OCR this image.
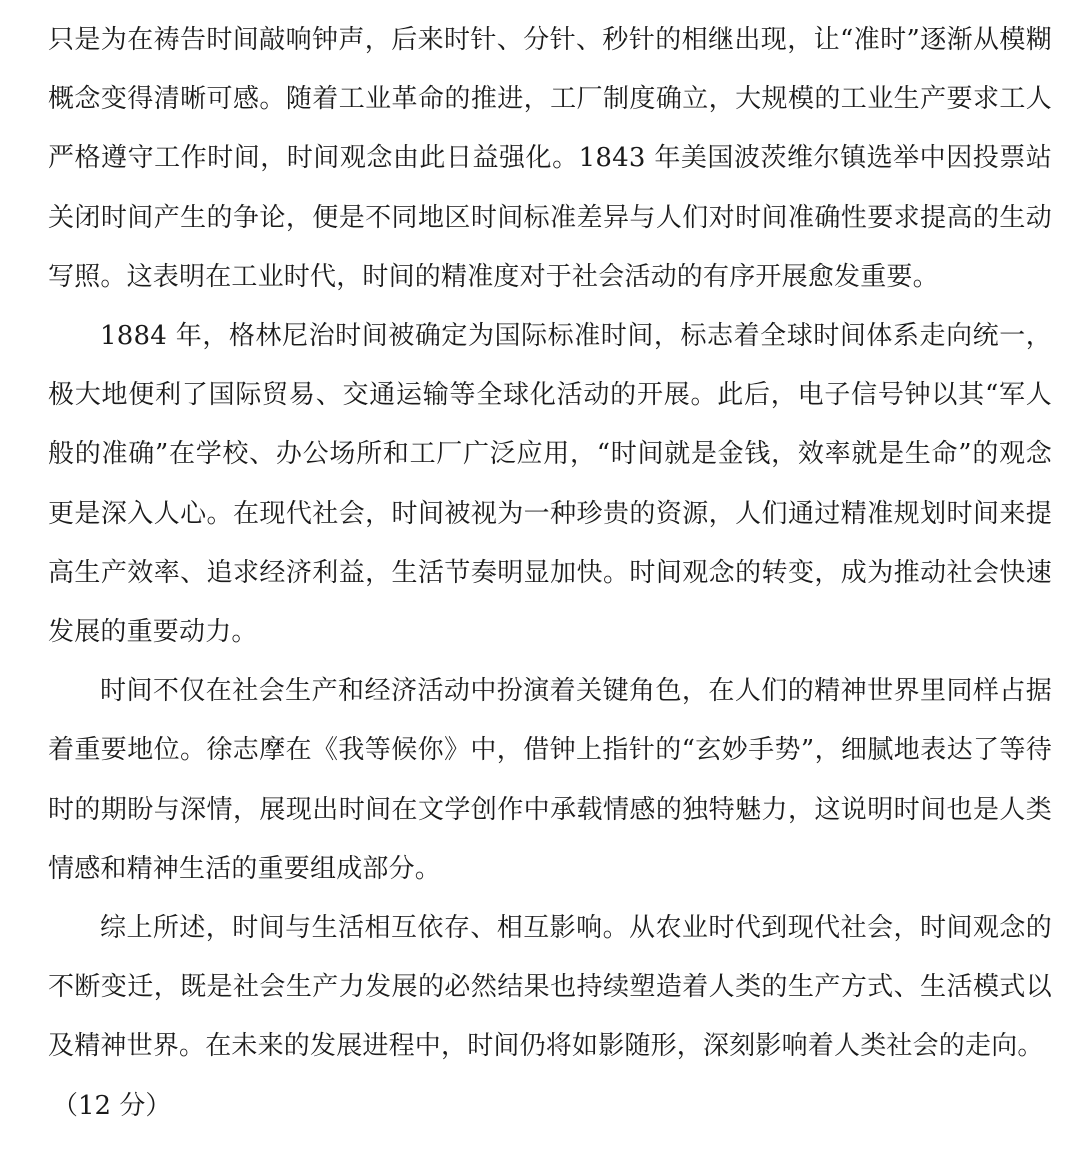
只是为在祷告时间敲响钟声，后来时针、分针、秒针的相继出现，让“准时”逐渐从模糊概念变得清晰可感。随着工业革命的推进，工厂制度确立，大规模的工业生产要求工人严格遵守工作时间，时间观念由此日益强化。1843 年美国波茨维尔镇选举中因投票站关闭时间产生的争论，便是不同地区时间标准差异与人们对时间准确性要求提高的生动写照。这表明在工业时代，时间的精准度对于社会活动的有序开展愈发重要。

1884 年，格林尼治时间被确定为国际标准时间，标志着全球时间体系走向统一，极大地便利了国际贸易、交通运输等全球化活动的开展。此后，电子信号钟以其“军人般的准确”在学校、办公场所和工厂广泛应用，“时间就是金钱，效率就是生命”的观念更是深入人心。在现代社会，时间被视为一种珍贵的资源，人们通过精准规划时间来提高生产效率、追求经济利益，生活节奏明显加快。时间观念的转变，成为推动社会快速发展的重要动力。

时间不仅在社会生产和经济活动中扮演着关键角色，在人们的精神世界里同样占据着重要地位。徐志摩在《我等候你》中，借钟上指针的“玄妙手势”，细腻地表达了等待时的期盼与深情，展现出时间在文学创作中承载情感的独特魅力，这说明时间也是人类情感和精神生活的重要组成部分。

综上所述，时间与生活相互依存、相互影响。从农业时代到现代社会，时间观念的不断变迁，既是社会生产力发展的必然结果也持续塑造着人类的生产方式、生活模式以及精神世界。在未来的发展进程中，时间仍将如影随形，深刻影响着人类社会的走向。

（12 分）
